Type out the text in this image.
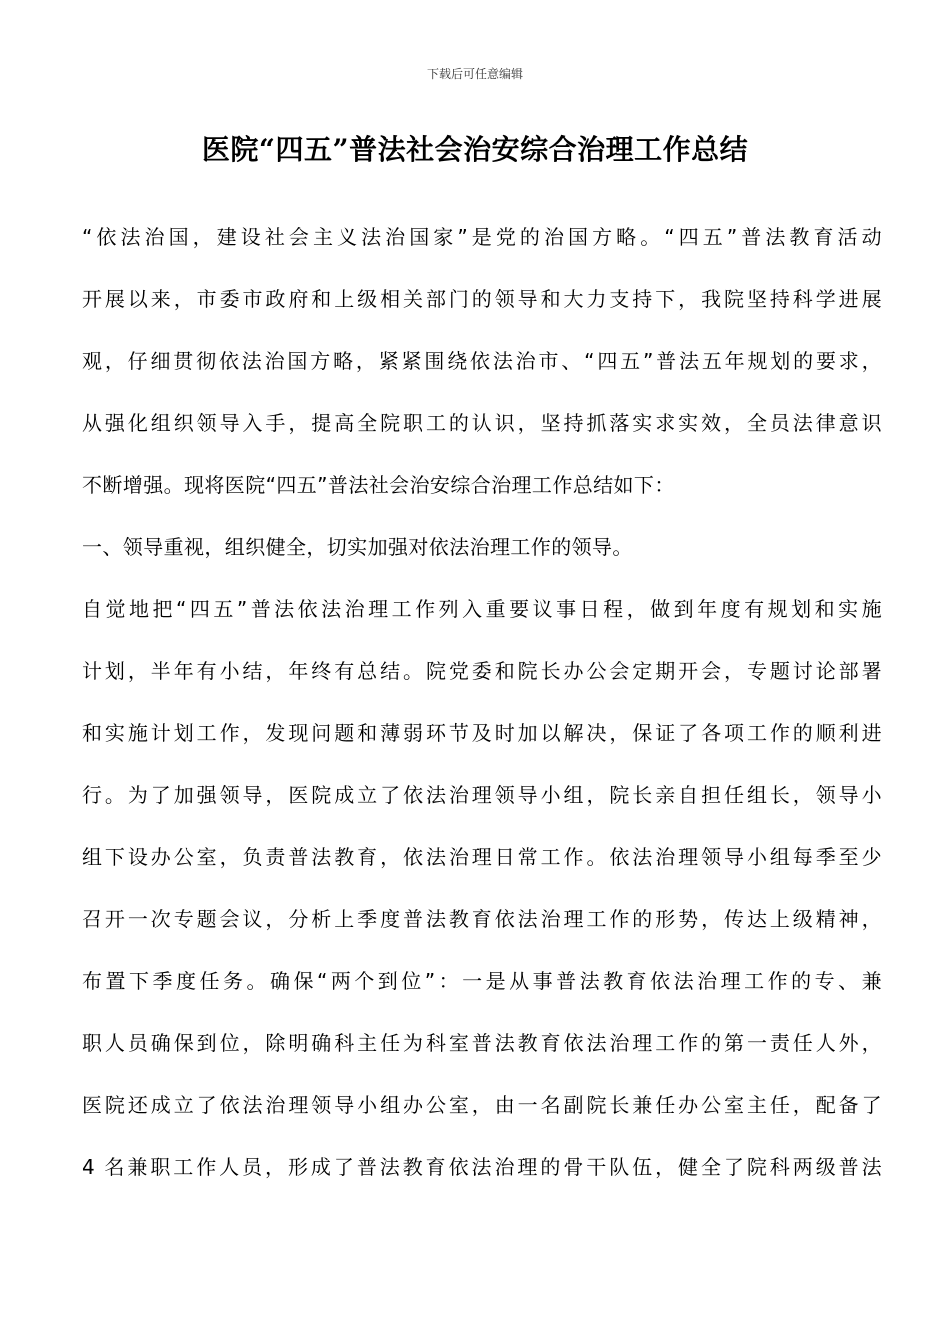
下载后可任意编辑
医院“四五”普法社会治安综合治理工作总结

“依法治国，建设社会主义法治国家”是党的治国方略。“四五”普法教育活动
开展以来，市委市政府和上级相关部门的领导和大力支持下，我院坚持科学进展
观，仔细贯彻依法治国方略，紧紧围绕依法治市、“四五”普法五年规划的要求，
从强化组织领导入手，提高全院职工的认识，坚持抓落实求实效，全员法律意识
不断增强。现将医院“四五”普法社会治安综合治理工作总结如下：

一、领导重视，组织健全，切实加强对依法治理工作的领导。

自觉地把“四五”普法依法治理工作列入重要议事日程，做到年度有规划和实施
计划，半年有小结，年终有总结。院党委和院长办公会定期开会，专题讨论部署
和实施计划工作，发现问题和薄弱环节及时加以解决，保证了各项工作的顺利进
行。为了加强领导，医院成立了依法治理领导小组，院长亲自担任组长，领导小
组下设办公室，负责普法教育，依法治理日常工作。依法治理领导小组每季至少
召开一次专题会议，分析上季度普法教育依法治理工作的形势，传达上级精神，
布置下季度任务。确保“两个到位”：一是从事普法教育依法治理工作的专、兼
职人员确保到位，除明确科主任为科室普法教育依法治理工作的第一责任人外，
医院还成立了依法治理领导小组办公室，由一名副院长兼任办公室主任，配备了
4 名兼职工作人员，形成了普法教育依法治理的骨干队伍，健全了院科两级普法
